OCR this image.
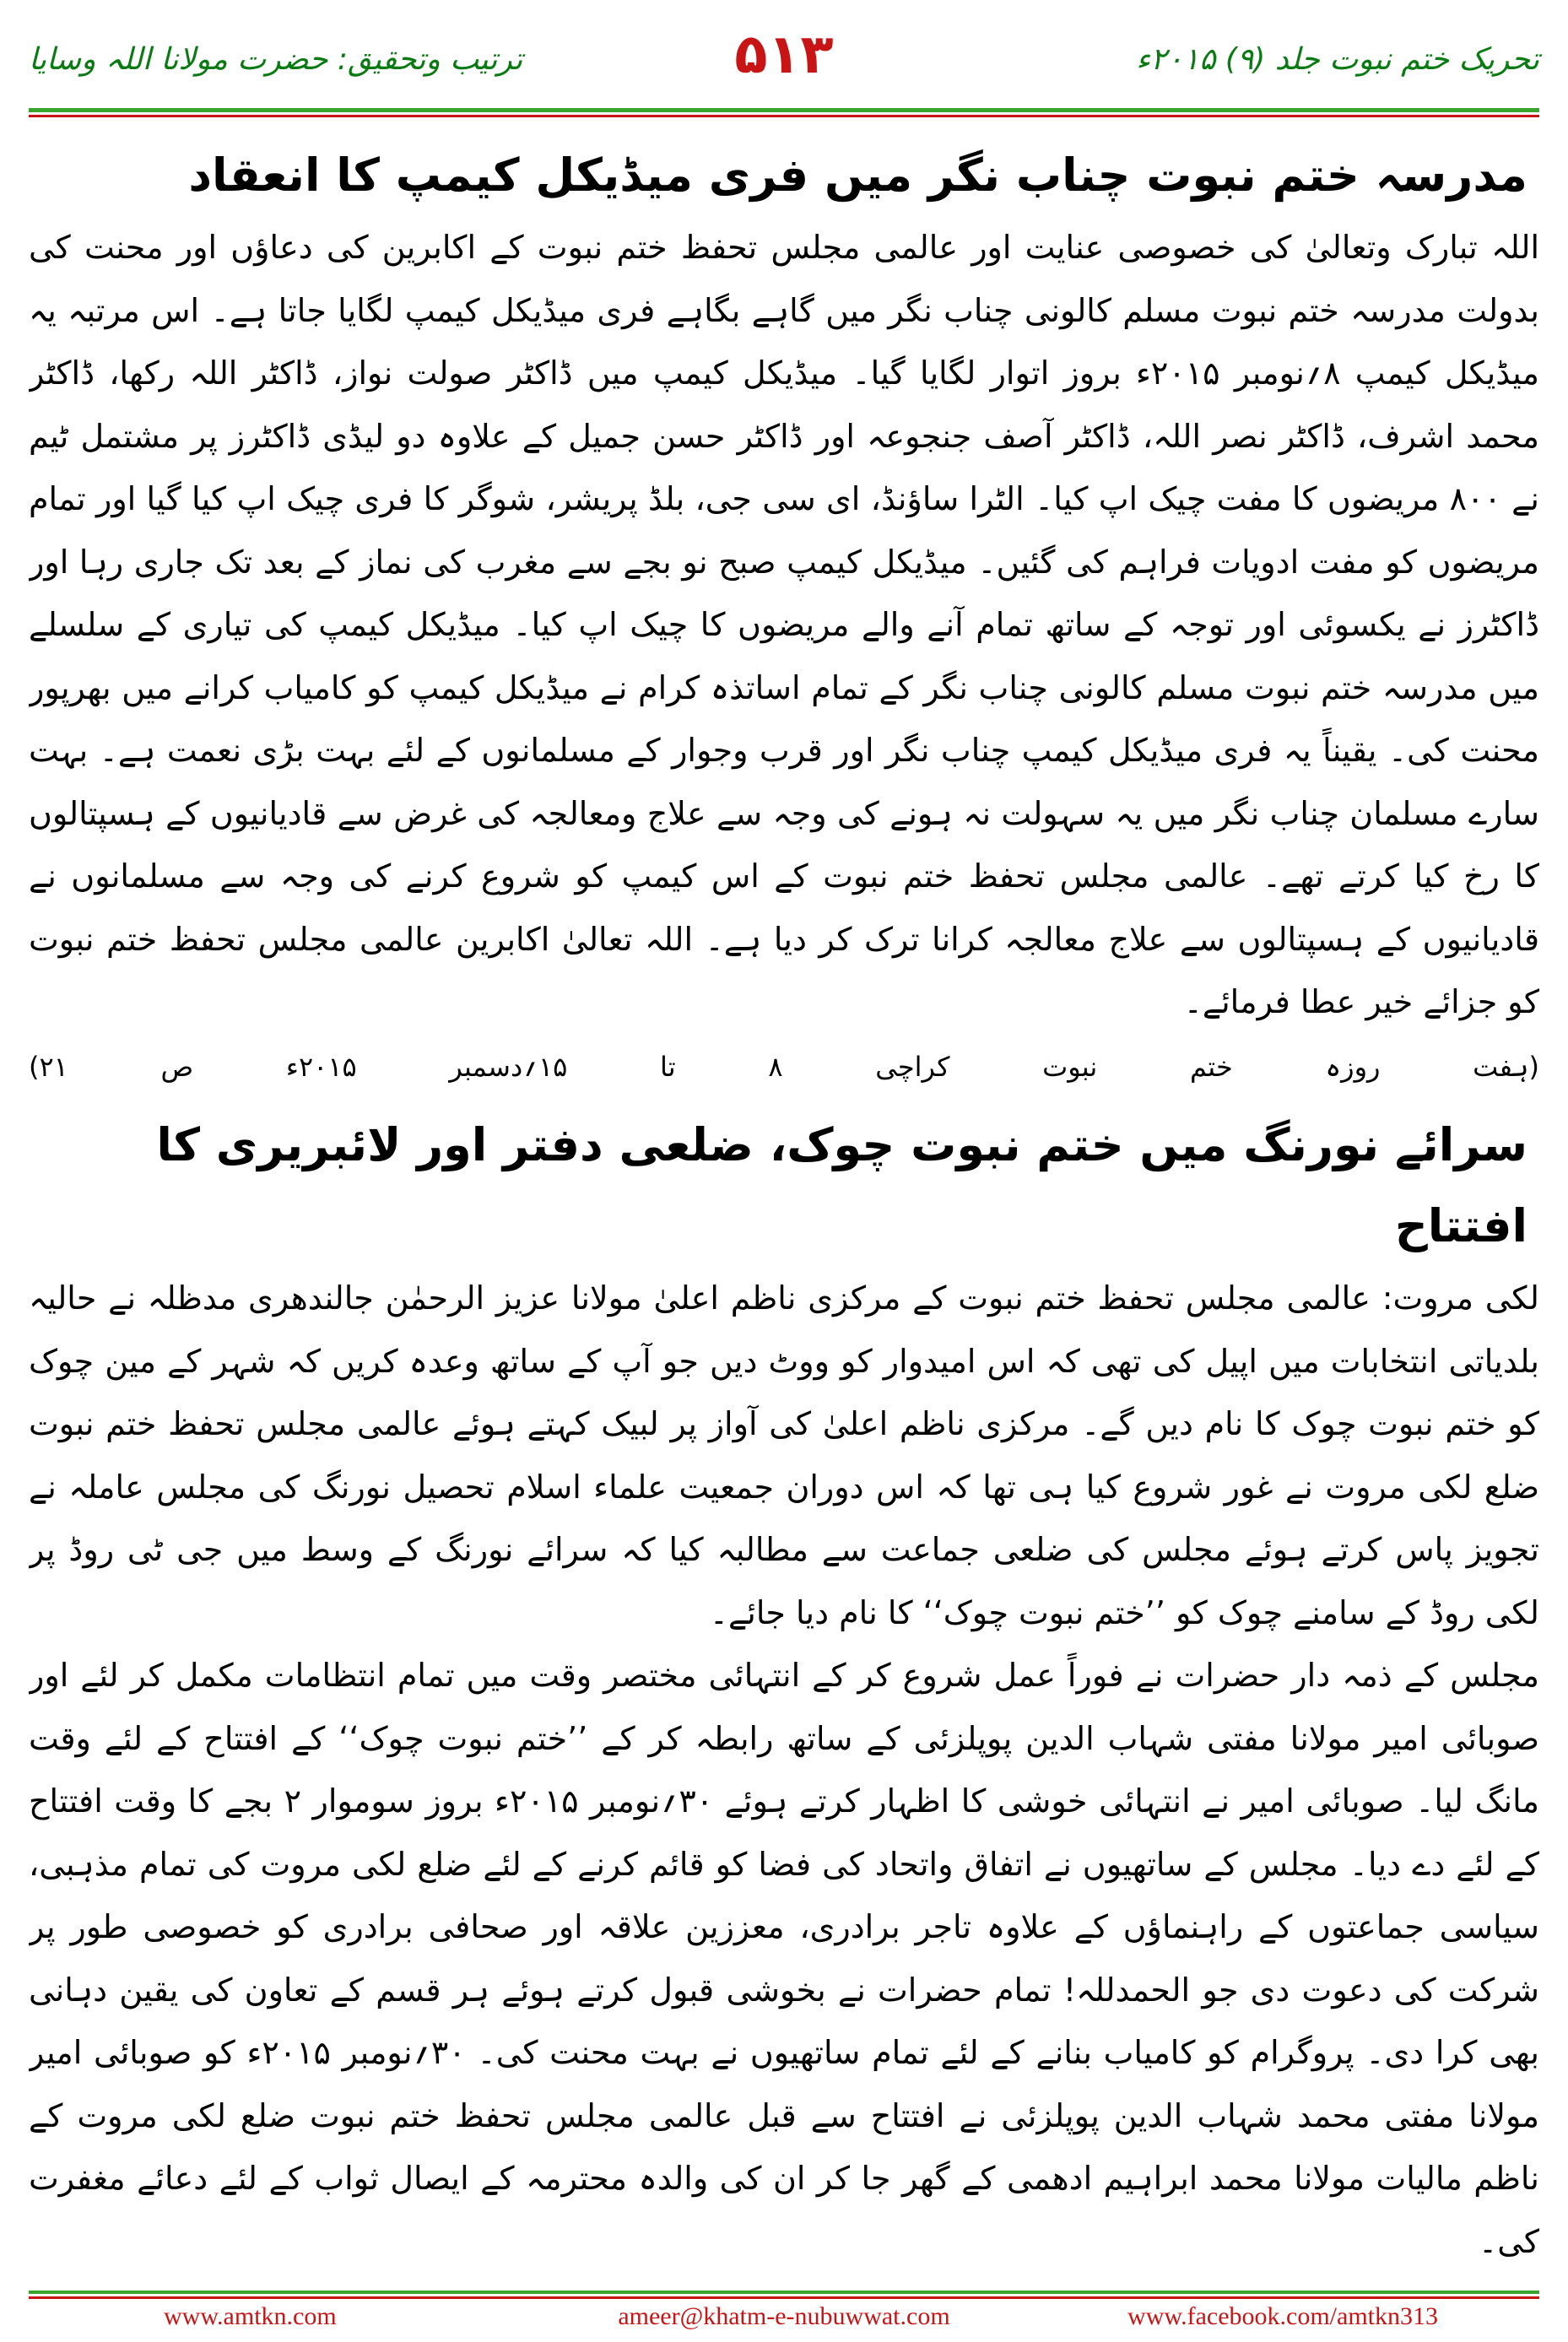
تحریک ختم نبوت جلد (۹) ۲۰۱۵ء
۵۱۳
ترتیب وتحقیق: حضرت مولانا اللہ وسایا
مدرسہ ختم نبوت چناب نگر میں فری میڈیکل کیمپ کا انعقاد

اللہ تبارک وتعالیٰ کی خصوصی عنایت اور عالمی مجلس تحفظ ختم نبوت کے اکابرین کی دعاؤں اور محنت کی بدولت مدرسہ ختم نبوت مسلم کالونی چناب نگر میں گاہے بگاہے فری میڈیکل کیمپ لگایا جاتا ہے۔ اس مرتبہ یہ میڈیکل کیمپ ۸؍نومبر ۲۰۱۵ء بروز اتوار لگایا گیا۔ میڈیکل کیمپ میں ڈاکٹر صولت نواز، ڈاکٹر اللہ رکھا، ڈاکٹر محمد اشرف، ڈاکٹر نصر اللہ، ڈاکٹر آصف جنجوعہ اور ڈاکٹر حسن جمیل کے علاوہ دو لیڈی ڈاکٹرز پر مشتمل ٹیم نے ۸۰۰ مریضوں کا مفت چیک اپ کیا۔ الٹرا ساؤنڈ، ای سی جی، بلڈ پریشر، شوگر کا فری چیک اپ کیا گیا اور تمام مریضوں کو مفت ادویات فراہم کی گئیں۔ میڈیکل کیمپ صبح نو بجے سے مغرب کی نماز کے بعد تک جاری رہا اور ڈاکٹرز نے یکسوئی اور توجہ کے ساتھ تمام آنے والے مریضوں کا چیک اپ کیا۔ میڈیکل کیمپ کی تیاری کے سلسلے میں مدرسہ ختم نبوت مسلم کالونی چناب نگر کے تمام اساتذہ کرام نے میڈیکل کیمپ کو کامیاب کرانے میں بھرپور محنت کی۔ یقیناً یہ فری میڈیکل کیمپ چناب نگر اور قرب وجوار کے مسلمانوں کے لئے بہت بڑی نعمت ہے۔ بہت سارے مسلمان چناب نگر میں یہ سہولت نہ ہونے کی وجہ سے علاج ومعالجہ کی غرض سے قادیانیوں کے ہسپتالوں کا رخ کیا کرتے تھے۔ عالمی مجلس تحفظ ختم نبوت کے اس کیمپ کو شروع کرنے کی وجہ سے مسلمانوں نے قادیانیوں کے ہسپتالوں سے علاج معالجہ کرانا ترک کر دیا ہے۔ اللہ تعالیٰ اکابرین عالمی مجلس تحفظ ختم نبوت کو جزائے خیر عطا فرمائے۔

(ہفت روزہ ختم نبوت کراچی ۸ تا ۱۵؍دسمبر ۲۰۱۵ء ص ۲۱)

سرائے نورنگ میں ختم نبوت چوک، ضلعی دفتر اور لائبریری کا افتتاح

لکی مروت: عالمی مجلس تحفظ ختم نبوت کے مرکزی ناظم اعلیٰ مولانا عزیز الرحمٰن جالندھری مدظلہ نے حالیہ بلدیاتی انتخابات میں اپیل کی تھی کہ اس امیدوار کو ووٹ دیں جو آپ کے ساتھ وعدہ کریں کہ شہر کے مین چوک کو ختم نبوت چوک کا نام دیں گے۔ مرکزی ناظم اعلیٰ کی آواز پر لبیک کہتے ہوئے عالمی مجلس تحفظ ختم نبوت ضلع لکی مروت نے غور شروع کیا ہی تھا کہ اس دوران جمعیت علماء اسلام تحصیل نورنگ کی مجلس عاملہ نے تجویز پاس کرتے ہوئے مجلس کی ضلعی جماعت سے مطالبہ کیا کہ سرائے نورنگ کے وسط میں جی ٹی روڈ پر لکی روڈ کے سامنے چوک کو ’’ختم نبوت چوک‘‘ کا نام دیا جائے۔

مجلس کے ذمہ دار حضرات نے فوراً عمل شروع کر کے انتہائی مختصر وقت میں تمام انتظامات مکمل کر لئے اور صوبائی امیر مولانا مفتی شہاب الدین پوپلزئی کے ساتھ رابطہ کر کے ’’ختم نبوت چوک‘‘ کے افتتاح کے لئے وقت مانگ لیا۔ صوبائی امیر نے انتہائی خوشی کا اظہار کرتے ہوئے ۳۰؍نومبر ۲۰۱۵ء بروز سوموار ۲ بجے کا وقت افتتاح کے لئے دے دیا۔ مجلس کے ساتھیوں نے اتفاق واتحاد کی فضا کو قائم کرنے کے لئے ضلع لکی مروت کی تمام مذہبی، سیاسی جماعتوں کے راہنماؤں کے علاوہ تاجر برادری، معززین علاقہ اور صحافی برادری کو خصوصی طور پر شرکت کی دعوت دی جو الحمدللہ! تمام حضرات نے بخوشی قبول کرتے ہوئے ہر قسم کے تعاون کی یقین دہانی بھی کرا دی۔ پروگرام کو کامیاب بنانے کے لئے تمام ساتھیوں نے بہت محنت کی۔ ۳۰؍نومبر ۲۰۱۵ء کو صوبائی امیر مولانا مفتی محمد شہاب الدین پوپلزئی نے افتتاح سے قبل عالمی مجلس تحفظ ختم نبوت ضلع لکی مروت کے ناظم مالیات مولانا محمد ابراہیم ادھمی کے گھر جا کر ان کی والدہ محترمہ کے ایصال ثواب کے لئے دعائے مغفرت کی۔

www.amtkn.com	ameer@khatm-e-nubuwwat.com	www.facebook.com/amtkn313
